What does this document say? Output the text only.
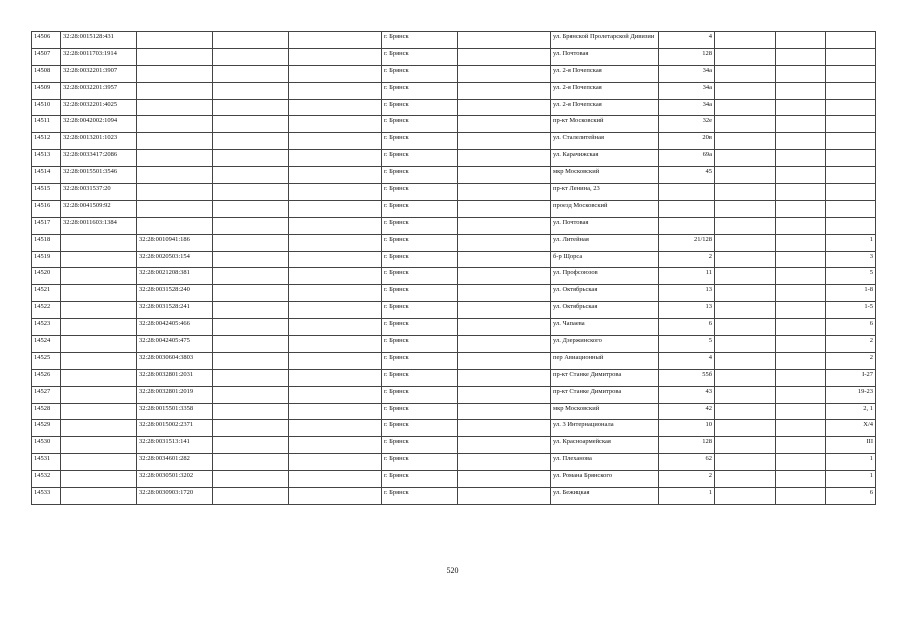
14506	32:28:0015128:431				г. Брянск		ул. Брянской Пролетарской Дивизии	4			
14507	32:28:0011703:1914				г. Брянск		ул. Почтовая	128			
14508	32:28:0032201:3907				г. Брянск		ул. 2-я Почепская	34а			
14509	32:28:0032201:3957				г. Брянск		ул. 2-я Почепская	34а			
14510	32:28:0032201:4025				г. Брянск		ул. 2-я Почепская	34а			
14511	32:28:0042002:1094				г. Брянск		пр-кт Московский	32е			
14512	32:28:0013201:1023				г. Брянск		ул. Сталелитейная	20в			
14513	32:28:0033417:2086				г. Брянск		ул. Карачижская	69а			
14514	32:28:0015501:3546				г. Брянск		мкр Московский	45			
14515	32:28:0031537:20				г. Брянск		пр-кт Ленина, 23				
14516	32:28:0041509:92				г. Брянск		проезд Московский				
14517	32:28:0011603:1384				г. Брянск		ул. Почтовая				
14518		32:28:0010941:186			г. Брянск		ул. Литейная	21/128			1
14519		32:28:0020503:154			г. Брянск		б-р Щорса	2			3
14520		32:28:0021208:381			г. Брянск		ул. Профсоюзов	11			5
14521		32:28:0031528:240			г. Брянск		ул. Октябрьская	13			1-8
14522		32:28:0031528:241			г. Брянск		ул. Октябрьская	13			1-5
14523		32:28:0042405:466			г. Брянск		ул. Чапаева	6			6
14524		32:28:0042405:475			г. Брянск		ул. Дзержинского	5			2
14525		32:28:0030604:3803			г. Брянск		пер Авиационный	4			2
14526		32:28:0032801:2031			г. Брянск		пр-кт Станке Димитрова	55б			I-27
14527		32:28:0032801:2019			г. Брянск		пр-кт Станке Димитрова	43			19-23
14528		32:28:0015501:3358			г. Брянск		мкр Московский	42			2, 1
14529		32:28:0015002:2371			г. Брянск		ул. 3 Интернационала	10			Х/4
14530		32:28:0031513:141			г. Брянск		ул. Красноармейская	128			III
14531		32:28:0034601:282			г. Брянск		ул. Плеханова	62			1
14532		32:28:0030501:3202			г. Брянск		ул. Романа Брянского	2			1
14533		32:28:0030903:1720			г. Брянск		ул. Бежицкая	1			6
520
